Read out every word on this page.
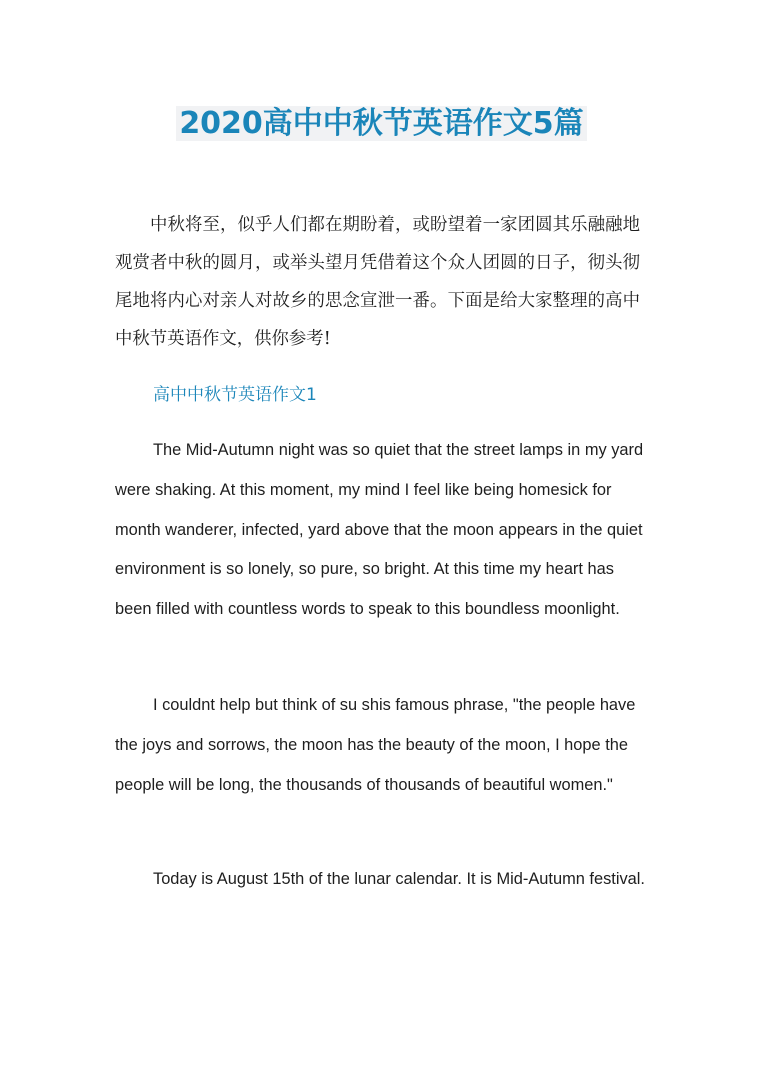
2020高中中秋节英语作文5篇

中秋将至，似乎人们都在期盼着，或盼望着一家团圆其乐融融地观赏者中秋的圆月，或举头望月凭借着这个众人团圆的日子，彻头彻尾地将内心对亲人对故乡的思念宣泄一番。下面是给大家整理的高中中秋节英语作文，供你参考!

高中中秋节英语作文1

The Mid-Autumn night was so quiet that the street lamps in my yard were shaking. At this moment, my mind I feel like being homesick for month wanderer, infected, yard above that the moon appears in the quiet environment is so lonely, so pure, so bright. At this time my heart has been filled with countless words to speak to this boundless moonlight.

I couldnt help but think of su shis famous phrase, "the people have the joys and sorrows, the moon has the beauty of the moon, I hope the people will be long, the thousands of thousands of beautiful women."

Today is August 15th of the lunar calendar. It is Mid-Autumn festival.
